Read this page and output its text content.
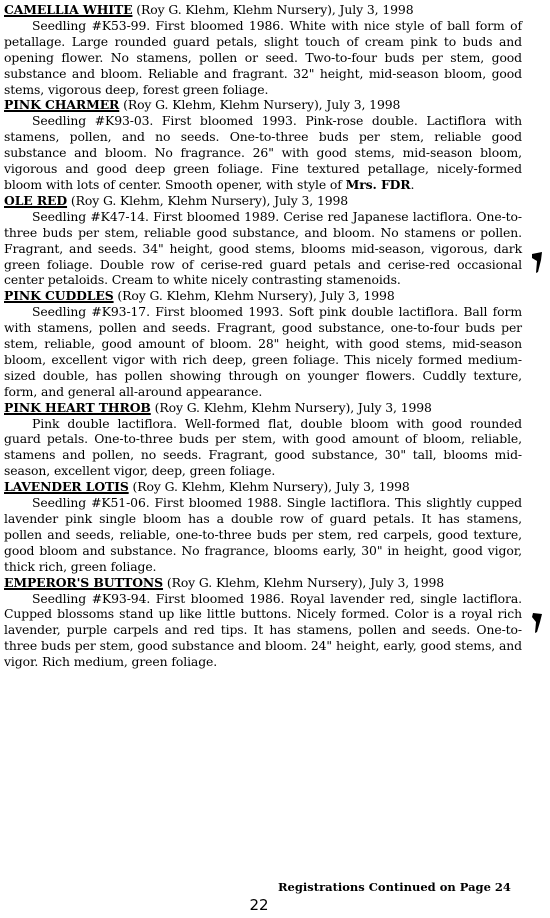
CAMELLIA WHITE (Roy G. Klehm, Klehm Nursery), July 3, 1998

Seedling #K53-99. First bloomed 1986. White with nice style of ball form of petallage. Large rounded guard petals, slight touch of cream pink to buds and opening flower. No stamens, pollen or seed. Two-to-four buds per stem, good substance and bloom. Reliable and fragrant. 32" height, mid-season bloom, good stems, vigorous deep, forest green foliage.

PINK CHARMER (Roy G. Klehm, Klehm Nursery), July 3, 1998

Seedling #K93-03. First bloomed 1993. Pink-rose double. Lactiflora with stamens, pollen, and no seeds. One-to-three buds per stem, reliable good substance and bloom. No fragrance. 26" with good stems, mid-season bloom, vigorous and good deep green foliage. Fine textured petallage, nicely-formed bloom with lots of center. Smooth opener, with style of Mrs. FDR.

OLE RED (Roy G. Klehm, Klehm Nursery), July 3, 1998

Seedling #K47-14. First bloomed 1989. Cerise red Japanese lactiflora. One-to-three buds per stem, reliable good substance, and bloom. No stamens or pollen. Fragrant, and seeds. 34" height, good stems, blooms mid-season, vigorous, dark green foliage. Double row of cerise-red guard petals and cerise-red occasional center petaloids. Cream to white nicely contrasting stamenoids.

PINK CUDDLES (Roy G. Klehm, Klehm Nursery), July 3, 1998

Seedling #K93-17. First bloomed 1993. Soft pink double lactiflora. Ball form with stamens, pollen and seeds. Fragrant, good substance, one-to-four buds per stem, reliable, good amount of bloom. 28" height, with good stems, mid-season bloom, excellent vigor with rich deep, green foliage. This nicely formed medium-sized double, has pollen showing through on younger flowers. Cuddly texture, form, and general all-around appearance.

PINK HEART THROB (Roy G. Klehm, Klehm Nursery), July 3, 1998

Pink double lactiflora. Well-formed flat, double bloom with good rounded guard petals. One-to-three buds per stem, with good amount of bloom, reliable, stamens and pollen, no seeds. Fragrant, good substance, 30" tall, blooms mid-season, excellent vigor, deep, green foliage.

LAVENDER LOTIS (Roy G. Klehm, Klehm Nursery), July 3, 1998

Seedling #K51-06. First bloomed 1988. Single lactiflora. This slightly cupped lavender pink single bloom has a double row of guard petals. It has stamens, pollen and seeds, reliable, one-to-three buds per stem, red carpels, good texture, good bloom and substance. No fragrance, blooms early, 30" in height, good vigor, thick rich, green foliage.

EMPEROR'S BUTTONS (Roy G. Klehm, Klehm Nursery), July 3, 1998

Seedling #K93-94. First bloomed 1986. Royal lavender red, single lactiflora. Cupped blossoms stand up like little buttons. Nicely formed. Color is a royal rich lavender, purple carpels and red tips. It has stamens, pollen and seeds. One-to-three buds per stem, good substance and bloom. 24" height, early, good stems, and vigor. Rich medium, green foliage.

Registrations Continued on Page 24
22
